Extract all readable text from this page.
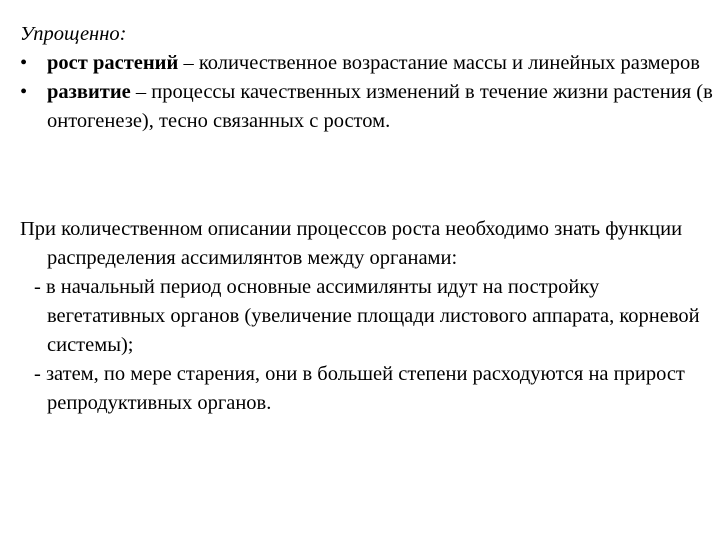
Упрощенно:
• рост растений – количественное возрастание массы и линейных размеров
• развитие – процессы качественных изменений в течение жизни растения (в онтогенезе), тесно связанных с ростом.

При количественном описании процессов роста необходимо знать функции распределения ассимилянтов между органами:

- в начальный период основные ассимилянты идут на постройку вегетативных органов (увеличение площади листового аппарата, корневой системы);

- затем, по мере старения, они в большей степени расходуются на прирост репродуктивных органов.
